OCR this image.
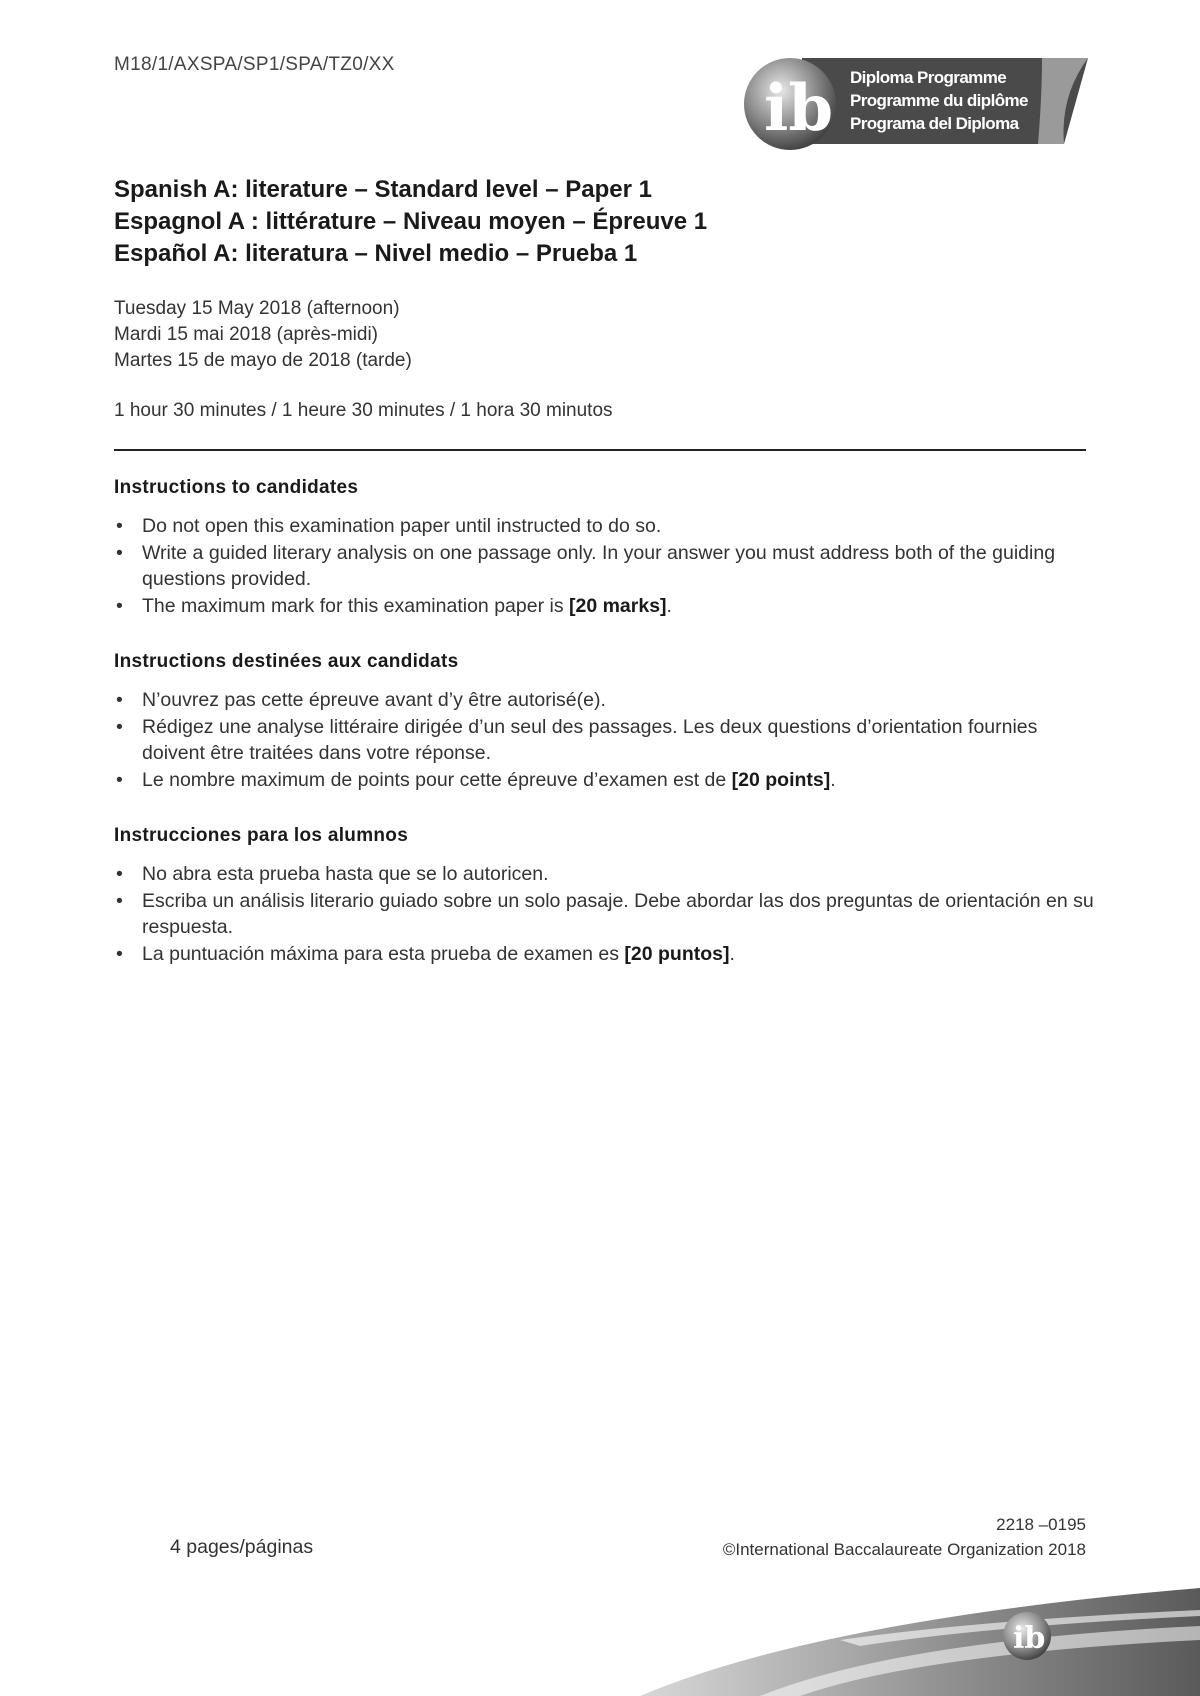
M18/1/AXSPA/SP1/SPA/TZ0/XX
ib Diploma Programme
Programme du diplôme
Programa del Diploma
Spanish A: literature – Standard level – Paper 1
Espagnol A : littérature – Niveau moyen – Épreuve 1
Español A: literatura – Nivel medio – Prueba 1
Tuesday 15 May 2018 (afternoon)
Mardi 15 mai 2018 (après-midi)
Martes 15 de mayo de 2018 (tarde)
1 hour 30 minutes / 1 heure 30 minutes / 1 hora 30 minutos
Instructions to candidates
• Do not open this examination paper until instructed to do so.
• Write a guided literary analysis on one passage only. In your answer you must address both of the guiding questions provided.
• The maximum mark for this examination paper is [20 marks].
Instructions destinées aux candidats
• N’ouvrez pas cette épreuve avant d’y être autorisé(e).
• Rédigez une analyse littéraire dirigée d’un seul des passages. Les deux questions d’orientation fournies doivent être traitées dans votre réponse.
• Le nombre maximum de points pour cette épreuve d’examen est de [20 points].
Instrucciones para los alumnos
• No abra esta prueba hasta que se lo autoricen.
• Escriba un análisis literario guiado sobre un solo pasaje. Debe abordar las dos preguntas de orientación en su respuesta.
• La puntuación máxima para esta prueba de examen es [20 puntos].
4 pages/páginas
2218 –0195
©International Baccalaureate Organization 2018
ib
